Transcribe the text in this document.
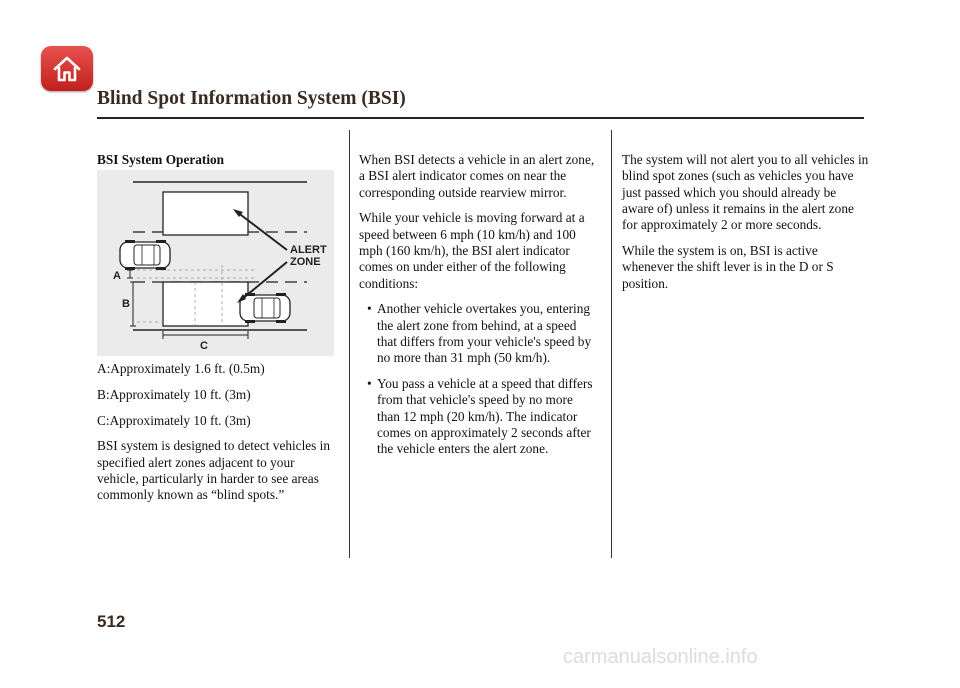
Blind Spot Information System (BSI)

BSI System Operation

ALERT
ZONE
A
B
C

A:Approximately 1.6 ft. (0.5m)

B:Approximately 10 ft. (3m)

C:Approximately 10 ft. (3m)

BSI system is designed to detect vehicles in specified alert zones adjacent to your vehicle, particularly in harder to see areas commonly known as “blind spots.”

When BSI detects a vehicle in an alert zone, a BSI alert indicator comes on near the corresponding outside rearview mirror.

While your vehicle is moving forward at a speed between 6 mph (10 km/h) and 100 mph (160 km/h), the BSI alert indicator comes on under either of the following conditions:

• Another vehicle overtakes you, entering the alert zone from behind, at a speed that differs from your vehicle's speed by no more than 31 mph (50 km/h).
• You pass a vehicle at a speed that differs from that vehicle's speed by no more than 12 mph (20 km/h). The indicator comes on approximately 2 seconds after the vehicle enters the alert zone.

The system will not alert you to all vehicles in blind spot zones (such as vehicles you have just passed which you should already be aware of) unless it remains in the alert zone for approximately 2 or more seconds.

While the system is on, BSI is active whenever the shift lever is in the D or S position.

512
carmanualsonline.info
